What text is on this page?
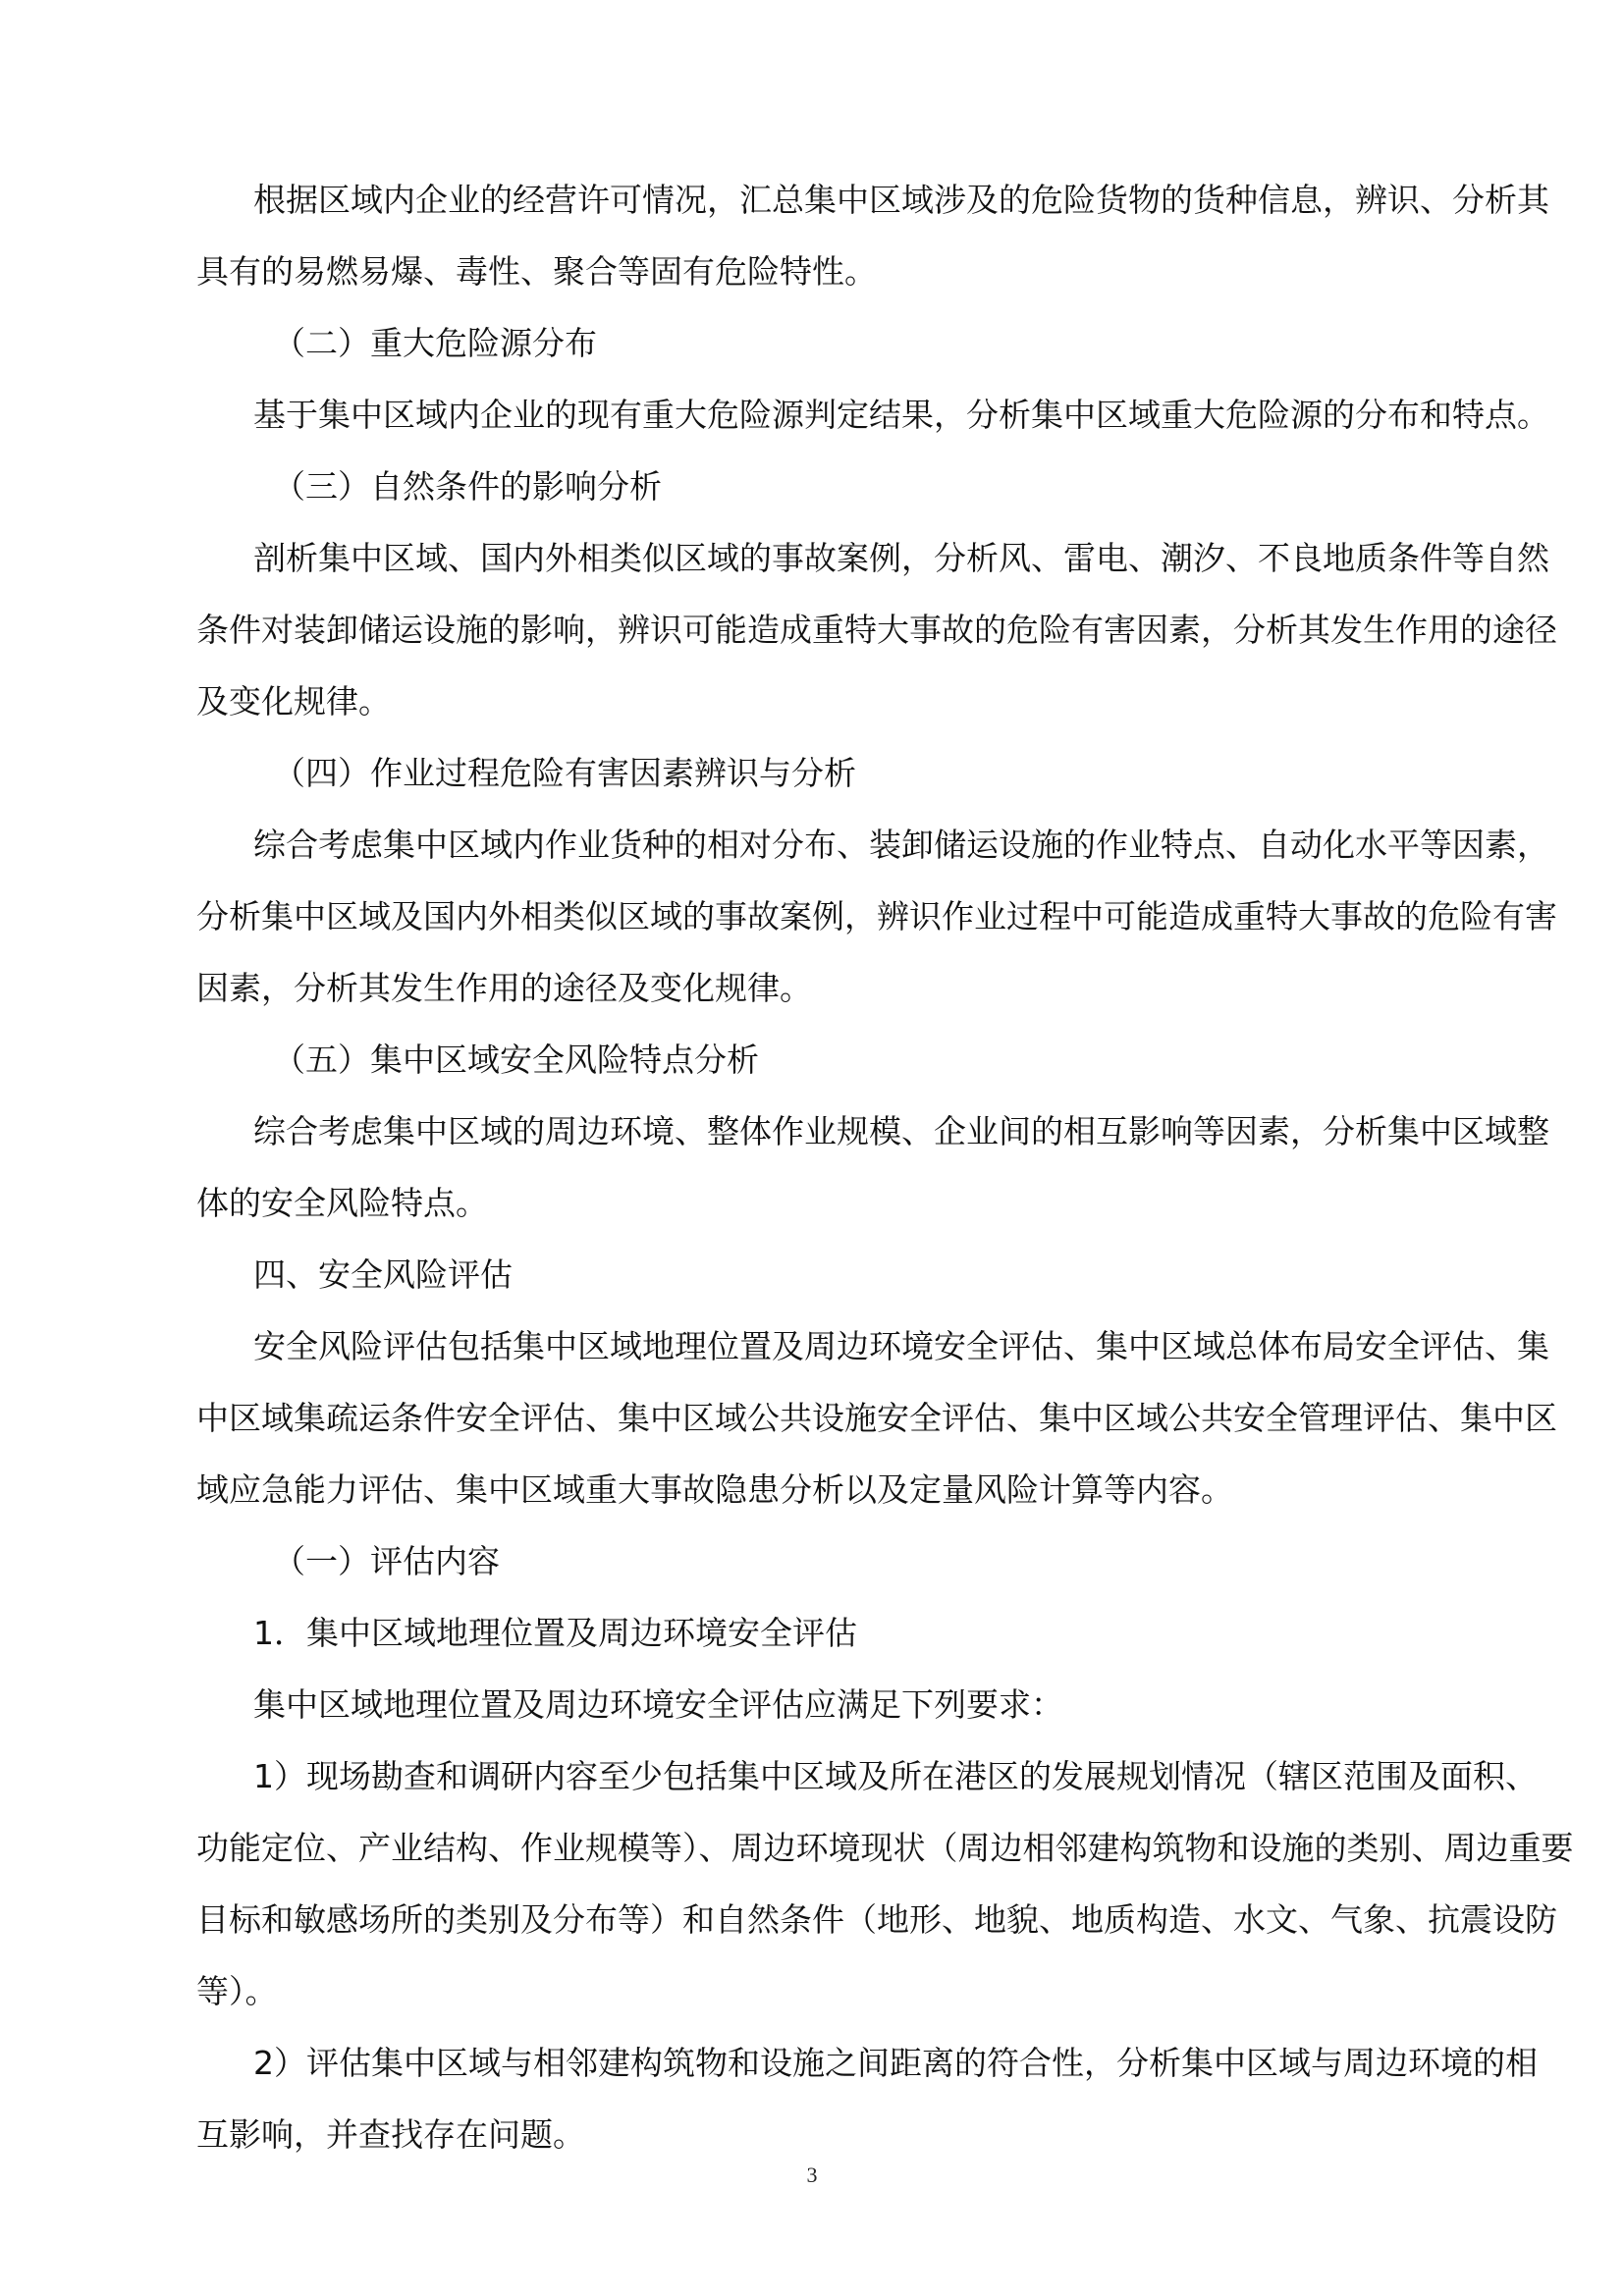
根据区域内企业的经营许可情况，汇总集中区域涉及的危险货物的货种信息，辨识、分析其
具有的易燃易爆、毒性、聚合等固有危险特性。
（二）重大危险源分布
基于集中区域内企业的现有重大危险源判定结果，分析集中区域重大危险源的分布和特点。
（三）自然条件的影响分析
剖析集中区域、国内外相类似区域的事故案例，分析风、雷电、潮汐、不良地质条件等自然
条件对装卸储运设施的影响，辨识可能造成重特大事故的危险有害因素，分析其发生作用的途径
及变化规律。
（四）作业过程危险有害因素辨识与分析
综合考虑集中区域内作业货种的相对分布、装卸储运设施的作业特点、自动化水平等因素，
分析集中区域及国内外相类似区域的事故案例，辨识作业过程中可能造成重特大事故的危险有害
因素，分析其发生作用的途径及变化规律。
（五）集中区域安全风险特点分析
综合考虑集中区域的周边环境、整体作业规模、企业间的相互影响等因素，分析集中区域整
体的安全风险特点。
四、安全风险评估
安全风险评估包括集中区域地理位置及周边环境安全评估、集中区域总体布局安全评估、集
中区域集疏运条件安全评估、集中区域公共设施安全评估、集中区域公共安全管理评估、集中区
域应急能力评估、集中区域重大事故隐患分析以及定量风险计算等内容。
（一）评估内容
1．集中区域地理位置及周边环境安全评估
集中区域地理位置及周边环境安全评估应满足下列要求：
1）现场勘查和调研内容至少包括集中区域及所在港区的发展规划情况（辖区范围及面积、
功能定位、产业结构、作业规模等）、周边环境现状（周边相邻建构筑物和设施的类别、周边重要
目标和敏感场所的类别及分布等）和自然条件（地形、地貌、地质构造、水文、气象、抗震设防
等）。
2）评估集中区域与相邻建构筑物和设施之间距离的符合性，分析集中区域与周边环境的相
互影响，并查找存在问题。
3
